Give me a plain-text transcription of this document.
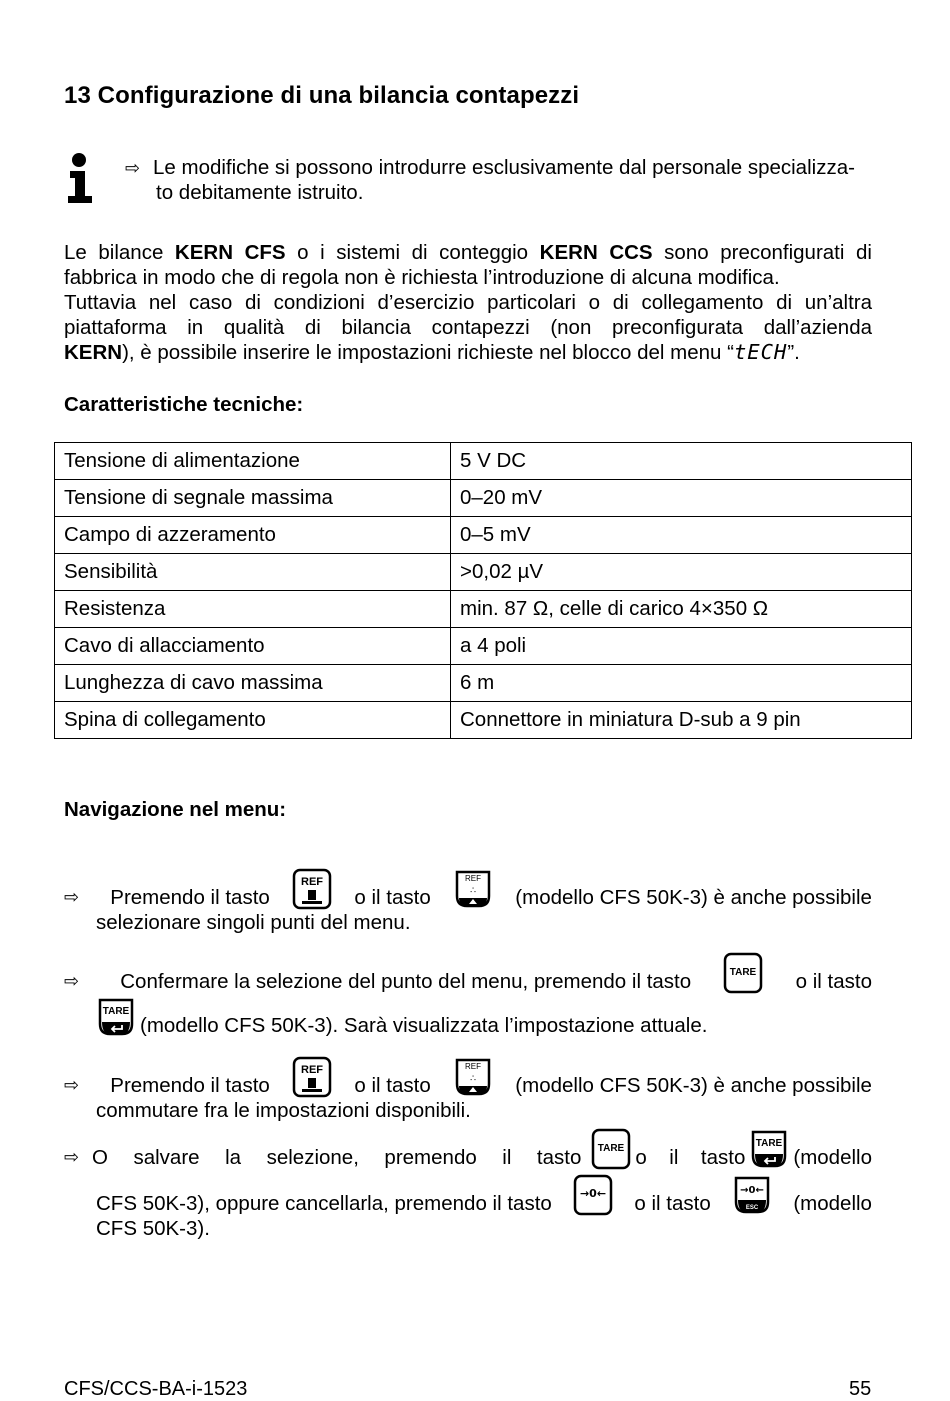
13 Configurazione di una bilancia contapezzi
⇨ Le modifiche si possono introdurre esclusivamente dal personale specializza-
to debitamente istruito.
Le bilance KERN CFS o i sistemi di conteggio KERN CCS sono preconfigurati di
fabbrica in modo che di regola non è richiesta l’introduzione di alcuna modifica.
Tuttavia nel caso di condizioni d’esercizio particolari o di collegamento di un’altra
piattaforma in qualità di bilancia contapezzi (non preconfigurata dall’azienda
KERN), è possibile inserire le impostazioni richieste nel blocco del menu “tECH”.
Caratteristiche tecniche:
Tensione di alimentazione	5 V DC
Tensione di segnale massima	0–20 mV
Campo di azzeramento	0–5 mV
Sensibilità	>0,02 µV
Resistenza	min. 87 Ω, celle di carico 4×350 Ω
Cavo di allacciamento	a 4 poli
Lunghezza di cavo massima	6 m
Spina di collegamento	Connettore in miniatura D-sub a 9 pin
Navigazione nel menu:
⇨	Premendo il tasto
REF
o il tasto
REF
∴ (modello CFS 50K-3) è anche possibile
selezionare singoli punti del menu.
⇨	Confermare la selezione del punto del menu, premendo il tasto	TARE o il tasto
TARE
(modello CFS 50K-3). Sarà visualizzata l’impostazione attuale.
⇨	Premendo il tasto
REF
o il tasto
REF
∴ (modello CFS 50K-3) è anche possibile
commutare fra le impostazioni disponibili.
⇨ O salvare la selezione, premendo il tasto TARE o il tasto
TARE
(modello
CFS 50K-3), oppure cancellarla, premendo il tasto	→0← o il tasto
→0←
ESC (modello
CFS 50K-3).
CFS/CCS-BA-i-1523	55
